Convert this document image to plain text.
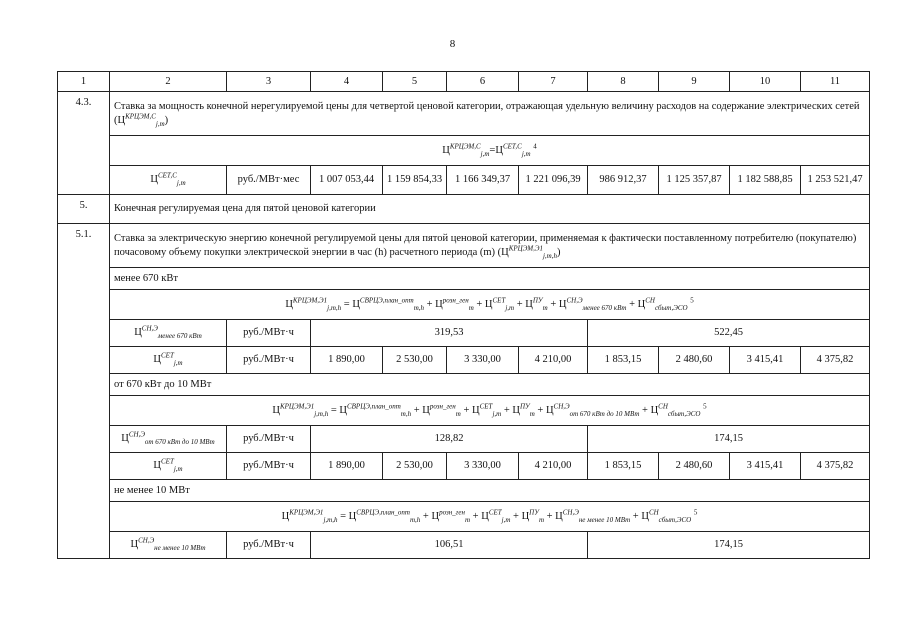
8
1	2	3	4	5	6	7	8	9	10	11
4.3.	Ставка за мощность конечной нерегулируемой цены для четвертой ценовой категории, отражающая удельную величину расходов на содержание электрических сетей $(Ц^{КРЦЭМ,С}_{j,m})$									
	$Ц^{КРЦЭМ,С}_{j,m}=Ц^{СЕТ,С}_{j,m}$ $^4$
	$Ц^{СЕТ,С}_{j,m}$	руб./МВт·мес	1 007 053,44	1 159 854,33	1 166 349,37	1 221 096,39	986 912,37	1 125 357,87	1 182 588,85	1 253 521,47
5.	Конечная регулируемая цена для пятой ценовой категории									
5.1.	Ставка за электрическую энергию конечной регулируемой цены для пятой ценовой категории, применяемая к фактически поставленному потребителю (покупателю) почасовому объему покупки электрической энергии в час (h) расчетного периода (m) $(Ц^{КРЦЭМ,Э1}_{j,m,h})$									
	менее 670 кВт									
	$Ц^{КРЦЭМ,Э1}_{j,m,h} = Ц^{СВРЦЭ,план\_опт}_{m,h} + Ц^{розн\_ген}_m + Ц^{СЕТ}_{j,m} + Ц^{ПУ}_m + Ц^{СН,Э}_{менее 670 кВт} + Ц^{СН}_{сбыт,ЭСО}$ $^5$
	$Ц^{СН,Э}_{менее 670 кВт}$	руб./МВт·ч	319,53				522,45			
	$Ц^{СЕТ}_{j,m}$	руб./МВт·ч	1 890,00	2 530,00	3 330,00	4 210,00	1 853,15	2 480,60	3 415,41	4 375,82
	от 670 кВт до 10 МВт									
	$Ц^{КРЦЭМ,Э1}_{j,m,h} = Ц^{СВРЦЭ,план\_опт}_{m,h} + Ц^{розн\_ген}_m + Ц^{СЕТ}_{j,m} + Ц^{ПУ}_m + Ц^{СН,Э}_{от 670 кВт до 10 МВт} + Ц^{СН}_{сбыт,ЭСО}$ $^5$
	$Ц^{СН,Э}_{от 670 кВт до 10 МВт}$	руб./МВт·ч	128,82				174,15			
	$Ц^{СЕТ}_{j,m}$	руб./МВт·ч	1 890,00	2 530,00	3 330,00	4 210,00	1 853,15	2 480,60	3 415,41	4 375,82
	не менее 10 МВт									
	$Ц^{КРЦЭМ,Э1}_{j,m,h} = Ц^{СВРЦЭ,план\_опт}_{m,h} + Ц^{розн\_ген}_m + Ц^{СЕТ}_{j,m} + Ц^{ПУ}_m + Ц^{СН,Э}_{не менее 10 МВт} + Ц^{СН}_{сбыт,ЭСО}$ $^5$
	$Ц^{СН,Э}_{не менее 10 МВт}$	руб./МВт·ч	106,51				174,15			
